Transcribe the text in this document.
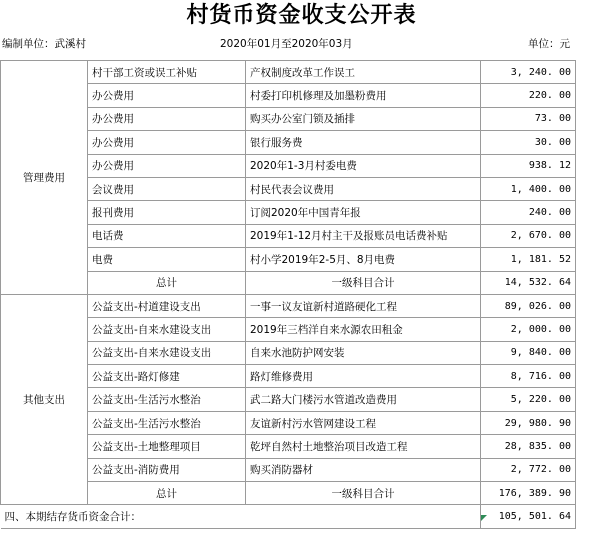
村货币资金收支公开表
编制单位：武溪村	2020年01月至2020年03月	单位：元
管理费用	村干部工资或误工补贴	产权制度改革工作误工	3, 240. 00
	办公费用	村委打印机修理及加墨粉费用	220. 00
	办公费用	购买办公室门锁及插排	73. 00
	办公费用	银行服务费	30. 00
	办公费用	2020年1-3月村委电费	938. 12
	会议费用	村民代表会议费用	1, 400. 00
	报刊费用	订阅2020年中国青年报	240. 00
	电话费	2019年1-12月村主干及报账员电话费补贴	2, 670. 00
	电费	村小学2019年2-5月、8月电费	1, 181. 52
	总计	一级科目合计	14, 532. 64
其他支出	公益支出-村道建设支出	一事一议友谊新村道路硬化工程	89, 026. 00
	公益支出-自来水建设支出	2019年三档洋自来水源农田租金	2, 000. 00
	公益支出-自来水建设支出	自来水池防护网安装	9, 840. 00
	公益支出-路灯修建	路灯维修费用	8, 716. 00
	公益支出-生活污水整治	武二路大门楼污水管道改造费用	5, 220. 00
	公益支出-生活污水整治	友谊新村污水管网建设工程	29, 980. 90
	公益支出-土地整理项目	乾坪自然村土地整治项目改造工程	28, 835. 00
	公益支出-消防费用	购买消防器材	2, 772. 00
	总计	一级科目合计	176, 389. 90
四、本期结存货币资金合计：			105, 501. 64
